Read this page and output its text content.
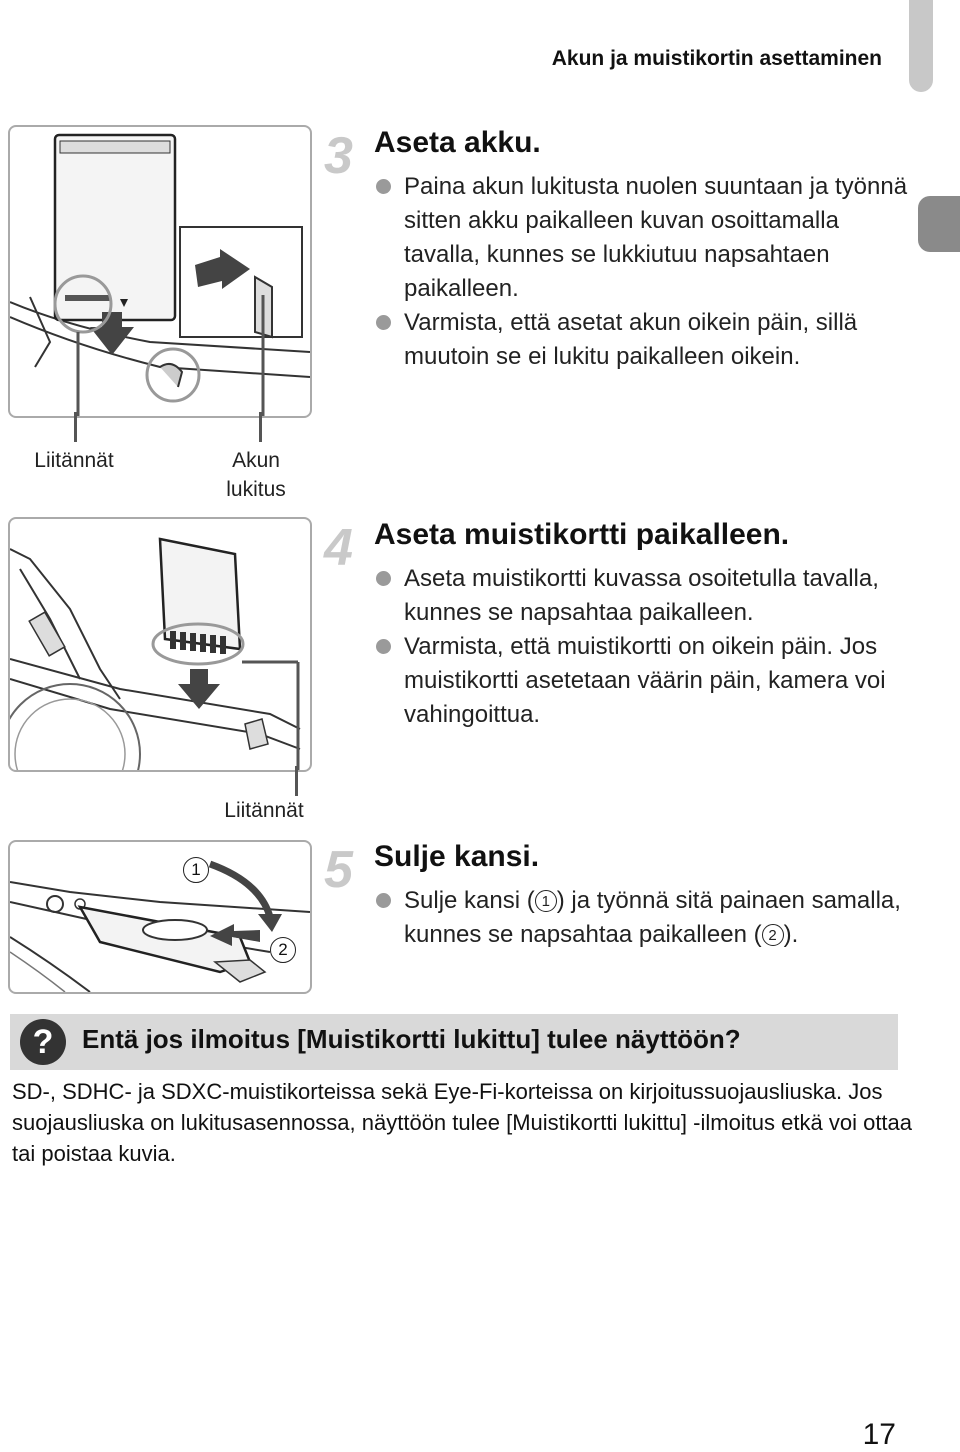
Akun ja muistikortin asettaminen
Liitännät	Akun lukitus
3 Aseta akku.
Paina akun lukitusta nuolen suuntaan ja työnnä sitten akku paikalleen kuvan osoittamalla tavalla, kunnes se lukkiutuu napsahtaen paikalleen.
Varmista, että asetat akun oikein päin, sillä muutoin se ei lukitu paikalleen oikein.
Liitännät
4 Aseta muistikortti paikalleen.
Aseta muistikortti kuvassa osoitetulla tavalla, kunnes se napsahtaa paikalleen.
Varmista, että muistikortti on oikein päin. Jos muistikortti asetetaan väärin päin, kamera voi vahingoittua.
1
2
5 Sulje kansi.
Sulje kansi ( 1 ) ja työnnä sitä painaen samalla, kunnes se napsahtaa paikalleen ( 2 ).
?	Entä jos ilmoitus [Muistikortti lukittu] tulee näyttöön?
SD-, SDHC- ja SDXC-muistikorteissa sekä Eye-Fi-korteissa on kirjoitussuojausliuska. Jos suojausliuska on lukitusasennossa, näyttöön tulee [Muistikortti lukittu] -ilmoitus etkä voi ottaa tai poistaa kuvia.
17
